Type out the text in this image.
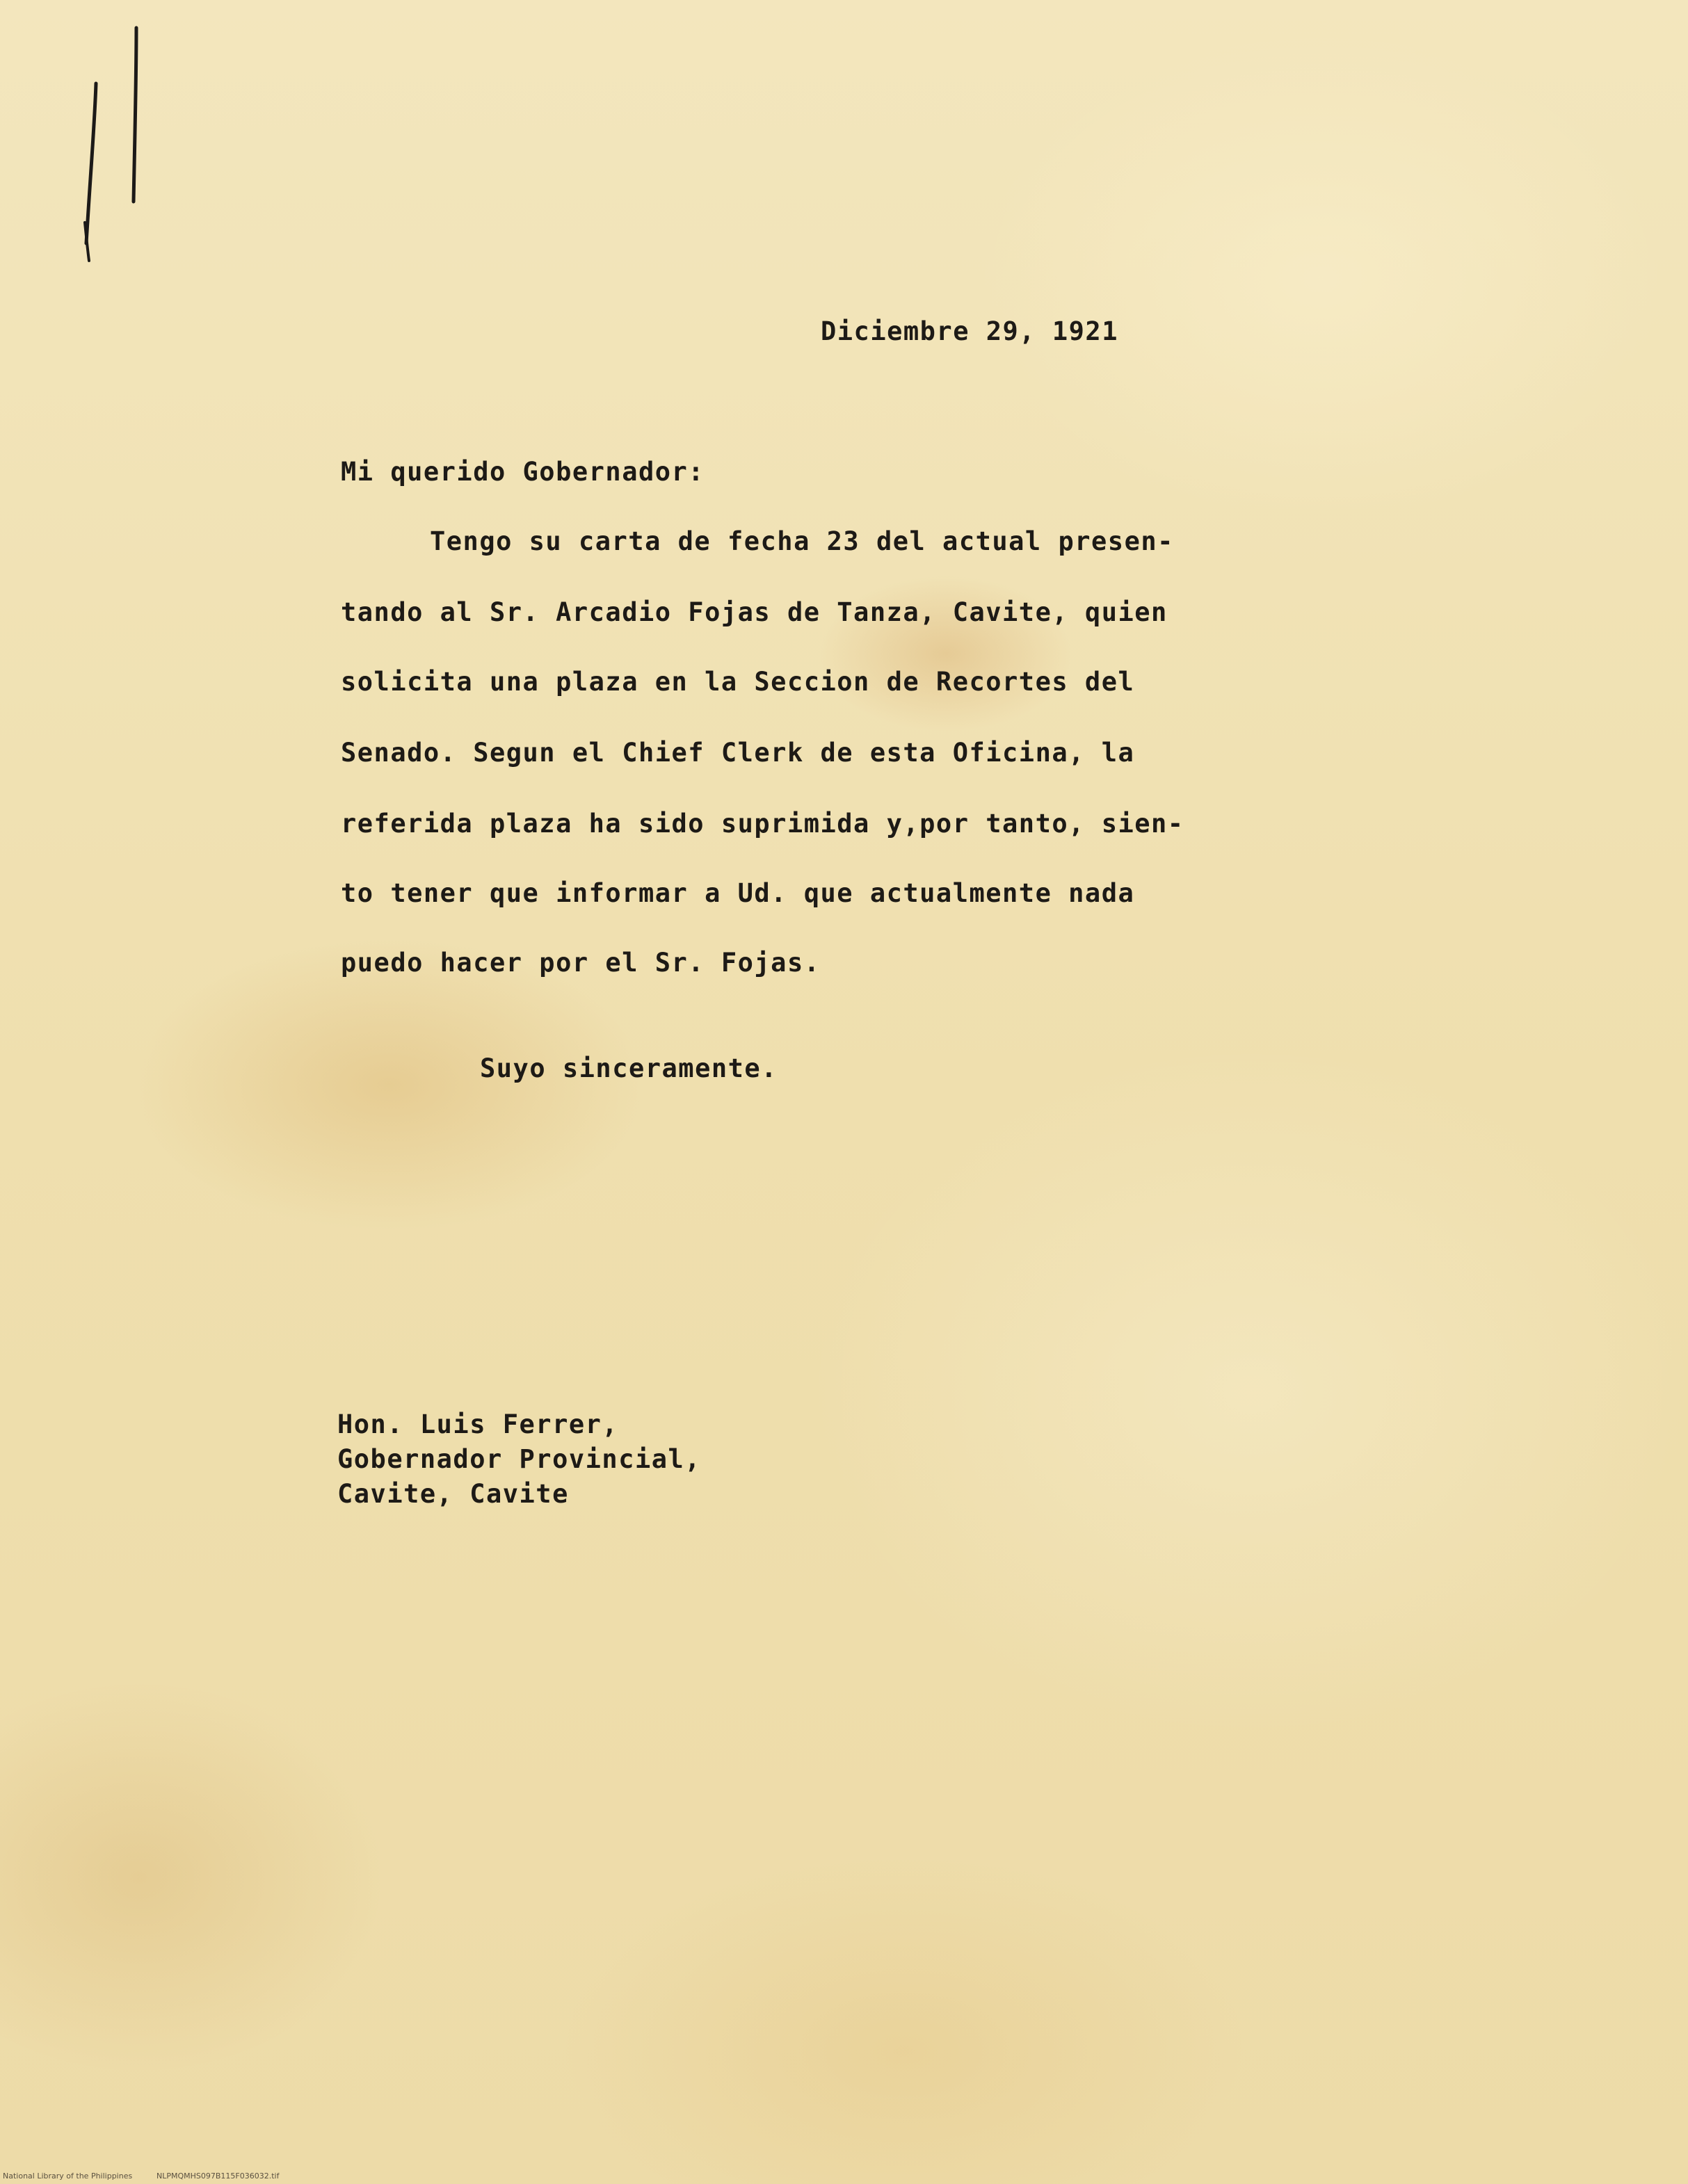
Diciembre 29, 1921
Mi querido Gobernador:
Tengo su carta de fecha 23 del actual presen-
tando al Sr. Arcadio Fojas de Tanza, Cavite, quien
solicita una plaza en la Seccion de Recortes del
Senado. Segun el Chief Clerk de esta Oficina, la
referida plaza ha sido suprimida y,por tanto, sien-
to tener que informar a Ud. que actualmente nada
puedo hacer por el Sr. Fojas.
Suyo sinceramente.
Hon. Luis Ferrer,
Gobernador Provincial,
Cavite, Cavite
National Library of the Philippines	NLPMQMHS097B115F036032.tif
